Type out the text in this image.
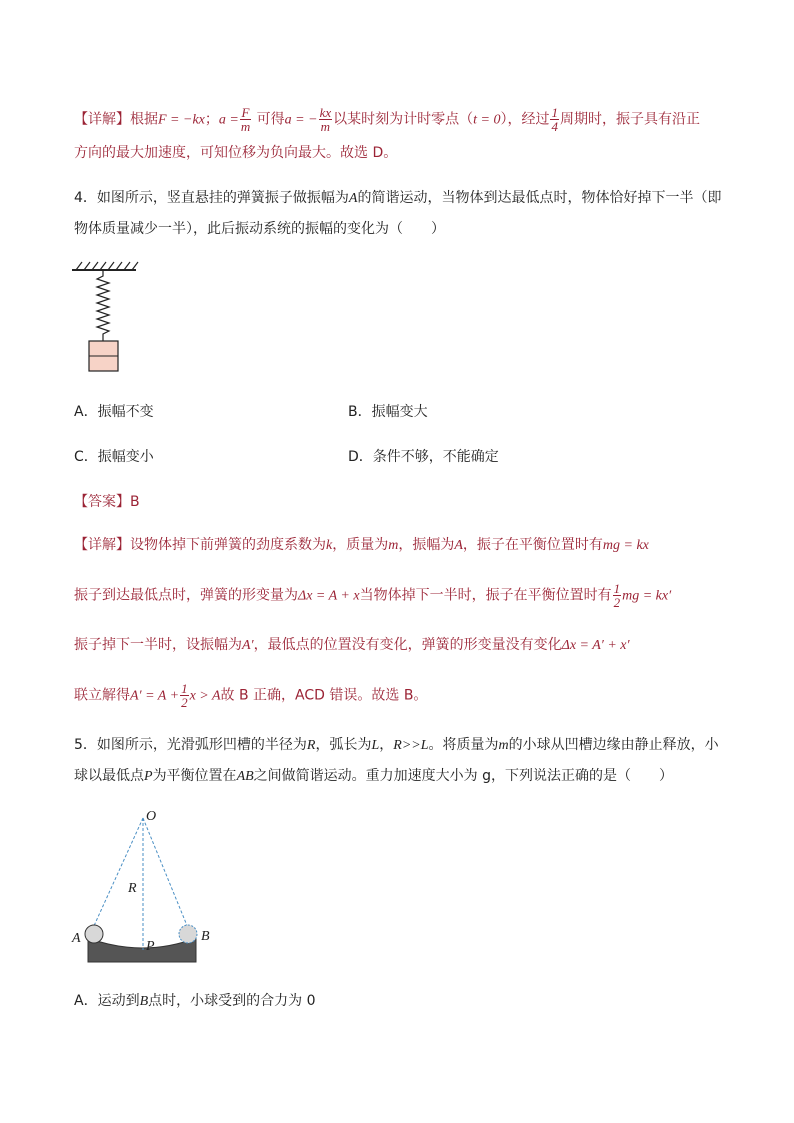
【详解】根据F = −kx；$a = \frac{F}{m}$ 可得a = − $\frac{kx}{m}$ 以某时刻为计时零点（t = 0），经过 $\frac{1}{4}$ 周期时，振子具有沿正
方向的最大加速度，可知位移为负向最大。故选 D。
4．如图所示，竖直悬挂的弹簧振子做振幅为A的简谐运动，当物体到达最低点时，物体恰好掉下一半（即
物体质量减少一半），此后振动系统的振幅的变化为（　　）
A．振幅不变	B．振幅变大
C．振幅变小	D．条件不够，不能确定
【答案】B
【详解】设物体掉下前弹簧的劲度系数为k，质量为m，振幅为A，振子在平衡位置时有mg = kx
振子到达最低点时，弹簧的形变量为Δx = A + x当物体掉下一半时，振子在平衡位置时有 $\frac{1}{2}$ mg = kx′
振子掉下一半时，设振幅为A′，最低点的位置没有变化，弹簧的形变量没有变化Δx = A′ + x′
联立解得$A' = A + \frac{1}{2}$ x > A故 B 正确，ACD 错误。故选 B。
5．如图所示，光滑弧形凹槽的半径为R，弧长为L，R>>L。将质量为m的小球从凹槽边缘由静止释放，小
球以最低点P为平衡位置在AB之间做简谐运动。重力加速度大小为 g，下列说法正确的是（　　）
O
R
A	B
P
A．运动到B点时，小球受到的合力为 0
